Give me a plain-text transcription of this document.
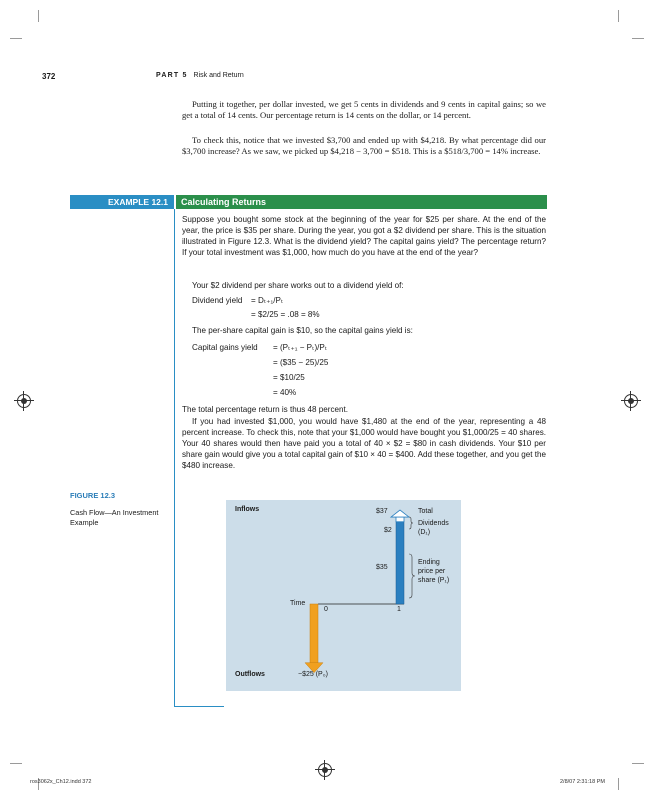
372	PART 5 Risk and Return
Putting it together, per dollar invested, we get 5 cents in dividends and 9 cents in capital gains; so we get a total of 14 cents. Our percentage return is 14 cents on the dollar, or 14 percent.
To check this, notice that we invested $3,700 and ended up with $4,218. By what percentage did our $3,700 increase? As we saw, we picked up $4,218 − 3,700 = $518. This is a $518/3,700 = 14% increase.
EXAMPLE 12.1	Calculating Returns
Suppose you bought some stock at the beginning of the year for $25 per share. At the end of the year, the price is $35 per share. During the year, you got a $2 dividend per share. This is the situation illustrated in Figure 12.3. What is the dividend yield? The capital gains yield? The percentage return? If your total investment was $1,000, how much do you have at the end of the year?
Your $2 dividend per share works out to a dividend yield of:
Dividend yield = Dₜ₊₁/Pₜ
= $2/25 = .08 = 8%
The per-share capital gain is $10, so the capital gains yield is:
Capital gains yield = (Pₜ₊₁ − Pₜ)/Pₜ
= ($35 − 25)/25
= $10/25
= 40%
The total percentage return is thus 48 percent.
If you had invested $1,000, you would have $1,480 at the end of the year, representing a 48 percent increase. To check this, note that your $1,000 would have bought you $1,000/25 = 40 shares. Your 40 shares would then have paid you a total of 40 × $2 = $80 in cash dividends. Your $10 per share gain would give you a total capital gain of $10 × 40 = $400. Add these together, and you get the $480 increase.
FIGURE 12.3
Cash Flow—An Investment Example
Inflows
Outflows
Time
0	1
$37
$2
$35
−$25 (P₀)
Total
Dividends
(D₁)
Ending
price per
share (P₁)
ros3062x_Ch12.indd 372	2/8/07 2:31:18 PM
